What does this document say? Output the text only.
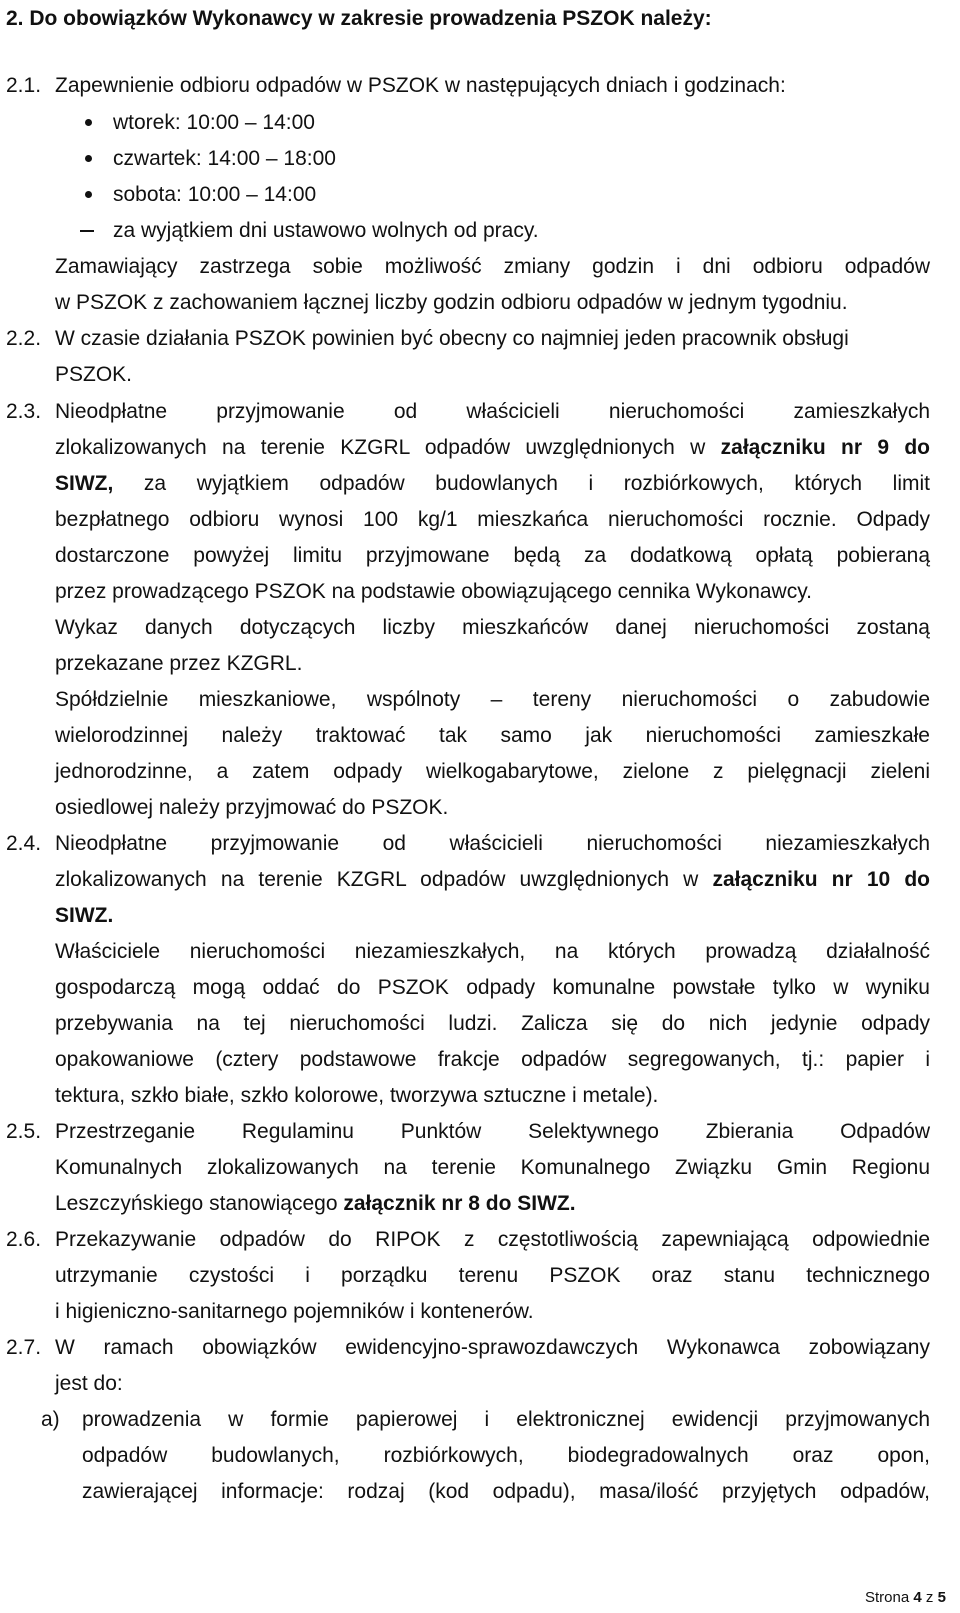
2. Do obowiązków Wykonawcy w zakresie prowadzenia PSZOK należy:
2.1. Zapewnienie odbioru odpadów w PSZOK w następujących dniach i godzinach:
wtorek: 10:00 – 14:00
czwartek: 14:00 – 18:00
sobota: 10:00 – 14:00
za wyjątkiem dni ustawowo wolnych od pracy.
Zamawiający zastrzega sobie możliwość zmiany godzin i dni odbioru odpadów
w PSZOK z zachowaniem łącznej liczby godzin odbioru odpadów w jednym tygodniu.
2.2. W czasie działania PSZOK powinien być obecny co najmniej jeden pracownik obsługi
PSZOK.
2.3. Nieodpłatne przyjmowanie od właścicieli nieruchomości zamieszkałych
zlokalizowanych na terenie KZGRL odpadów uwzględnionych w załączniku nr 9 do
SIWZ, za wyjątkiem odpadów budowlanych i rozbiórkowych, których limit
bezpłatnego odbioru wynosi 100 kg/1 mieszkańca nieruchomości rocznie. Odpady
dostarczone powyżej limitu przyjmowane będą za dodatkową opłatą pobieraną
przez prowadzącego PSZOK na podstawie obowiązującego cennika Wykonawcy.
Wykaz danych dotyczących liczby mieszkańców danej nieruchomości zostaną
przekazane przez KZGRL.
Spółdzielnie mieszkaniowe, wspólnoty – tereny nieruchomości o zabudowie
wielorodzinnej należy traktować tak samo jak nieruchomości zamieszkałe
jednorodzinne, a zatem odpady wielkogabarytowe, zielone z pielęgnacji zieleni
osiedlowej należy przyjmować do PSZOK.
2.4. Nieodpłatne przyjmowanie od właścicieli nieruchomości niezamieszkałych
zlokalizowanych na terenie KZGRL odpadów uwzględnionych w załączniku nr 10 do
SIWZ.
Właściciele nieruchomości niezamieszkałych, na których prowadzą działalność
gospodarczą mogą oddać do PSZOK odpady komunalne powstałe tylko w wyniku
przebywania na tej nieruchomości ludzi. Zalicza się do nich jedynie odpady
opakowaniowe (cztery podstawowe frakcje odpadów segregowanych, tj.: papier i
tektura, szkło białe, szkło kolorowe, tworzywa sztuczne i metale).
2.5. Przestrzeganie Regulaminu Punktów Selektywnego Zbierania Odpadów
Komunalnych zlokalizowanych na terenie Komunalnego Związku Gmin Regionu
Leszczyńskiego stanowiącego załącznik nr 8 do SIWZ.
2.6. Przekazywanie odpadów do RIPOK z częstotliwością zapewniającą odpowiednie
utrzymanie czystości i porządku terenu PSZOK oraz stanu technicznego
i higieniczno-sanitarnego pojemników i kontenerów.
2.7. W ramach obowiązków ewidencyjno-sprawozdawczych Wykonawca zobowiązany
jest do:
a) prowadzenia w formie papierowej i elektronicznej ewidencji przyjmowanych
odpadów budowlanych, rozbiórkowych, biodegradowalnych oraz opon,
zawierającej informacje: rodzaj (kod odpadu), masa/ilość przyjętych odpadów,
Strona 4 z 5
